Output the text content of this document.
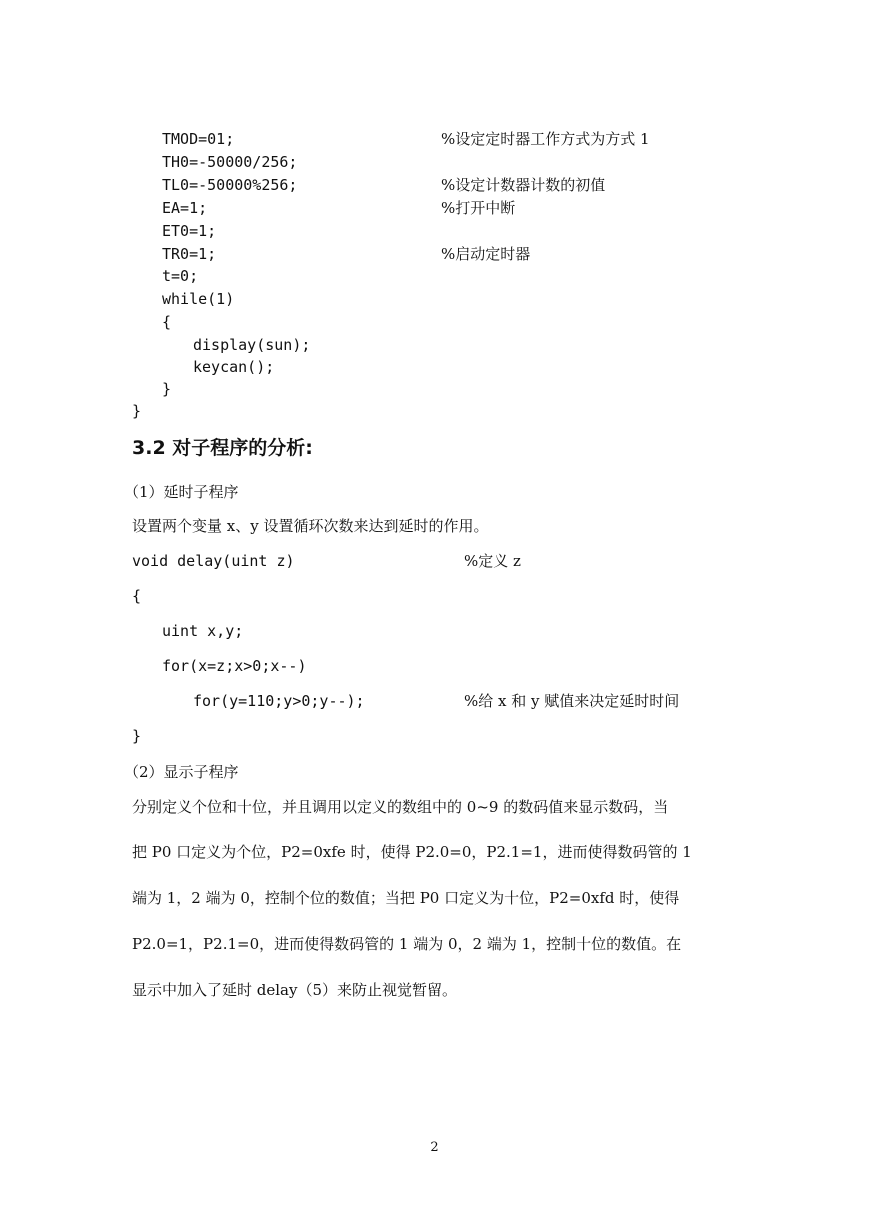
TMOD=01;	%设定定时器工作方式为方式 1
TH0=-50000/256;
TL0=-50000%256;	%设定计数器计数的初值
EA=1;	%打开中断
ET0=1;
TR0=1;	%启动定时器
t=0;
while(1)
{
display(sun);
keycan();
}
}
3.2 对子程序的分析:
（1）延时子程序
设置两个变量 x、y 设置循环次数来达到延时的作用。
void delay(uint z)	%定义 z
{
uint x,y;
for(x=z;x>0;x--)
for(y=110;y>0;y--);	%给 x 和 y 赋值来决定延时时间
}
（2）显示子程序
分别定义个位和十位，并且调用以定义的数组中的 0~9 的数码值来显示数码，当
把 P0 口定义为个位，P2=0xfe 时，使得 P2.0=0，P2.1=1，进而使得数码管的 1
端为 1，2 端为 0，控制个位的数值；当把 P0 口定义为十位，P2=0xfd 时，使得
P2.0=1，P2.1=0，进而使得数码管的 1 端为 0，2 端为 1，控制十位的数值。在
显示中加入了延时 delay（5）来防止视觉暂留。
2
